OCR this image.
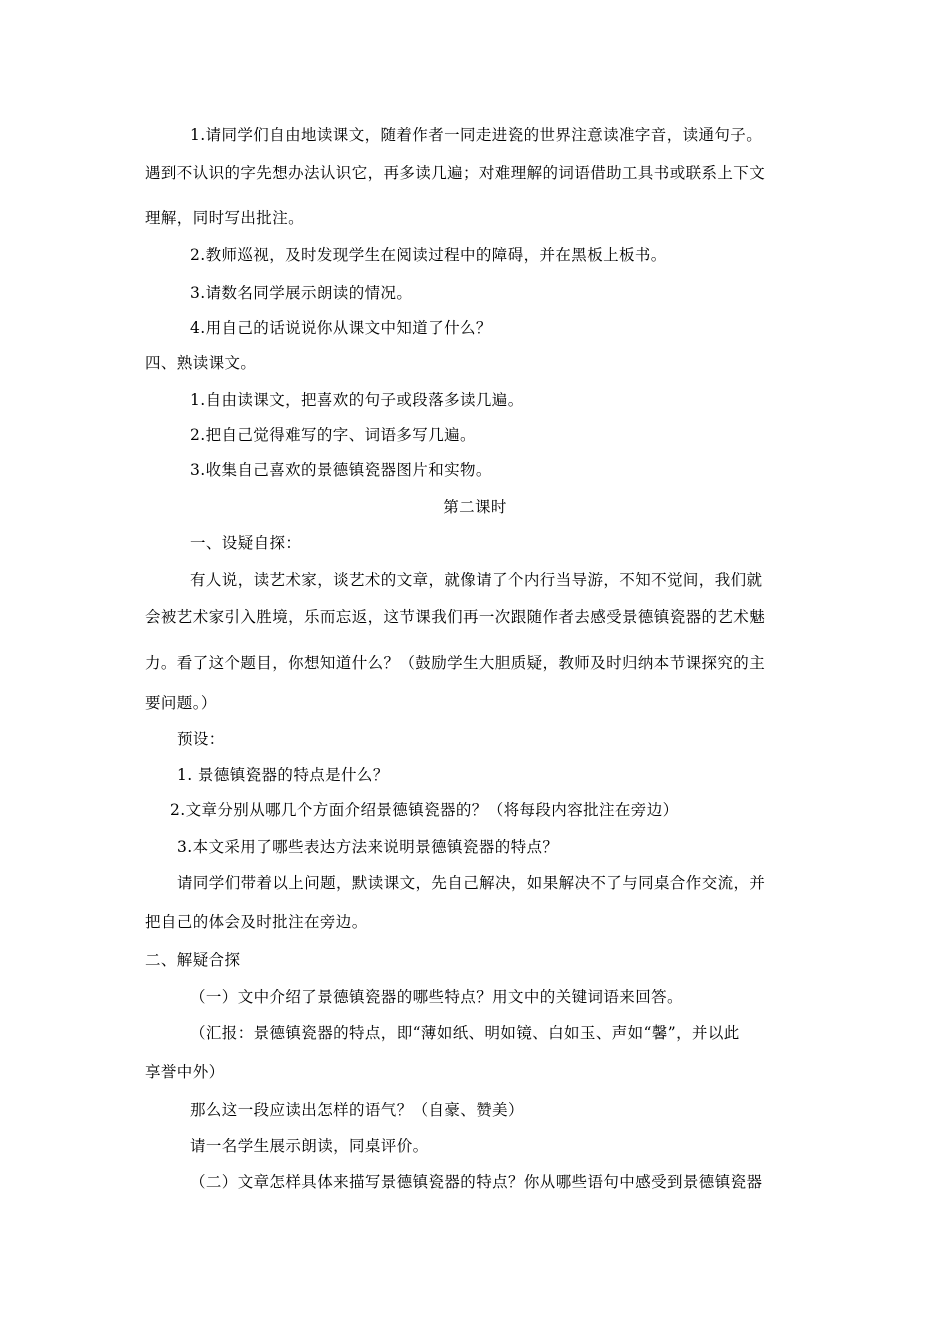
1.请同学们自由地读课文，随着作者一同走进瓷的世界注意读准字音，读通句子。
遇到不认识的字先想办法认识它，再多读几遍；对难理解的词语借助工具书或联系上下文
理解，同时写出批注。
2.教师巡视，及时发现学生在阅读过程中的障碍，并在黑板上板书。
3.请数名同学展示朗读的情况。
4.用自己的话说说你从课文中知道了什么？
四、熟读课文。
1.自由读课文，把喜欢的句子或段落多读几遍。
2.把自己觉得难写的字、词语多写几遍。
3.收集自己喜欢的景德镇瓷器图片和实物。
第二课时
一、设疑自探：
有人说，读艺术家，谈艺术的文章，就像请了个内行当导游，不知不觉间，我们就
会被艺术家引入胜境，乐而忘返，这节课我们再一次跟随作者去感受景德镇瓷器的艺术魅
力。看了这个题目，你想知道什么？（鼓励学生大胆质疑，教师及时归纳本节课探究的主
要问题。）
预设：
1. 景德镇瓷器的特点是什么？
2.文章分别从哪几个方面介绍景德镇瓷器的？（将每段内容批注在旁边）
3.本文采用了哪些表达方法来说明景德镇瓷器的特点？
请同学们带着以上问题，默读课文，先自己解决，如果解决不了与同桌合作交流，并
把自己的体会及时批注在旁边。
二、解疑合探
（一）文中介绍了景德镇瓷器的哪些特点？用文中的关键词语来回答。
（汇报：景德镇瓷器的特点，即“薄如纸、明如镜、白如玉、声如“馨”，并以此
享誉中外）
那么这一段应读出怎样的语气？（自豪、赞美）
请一名学生展示朗读，同桌评价。
（二）文章怎样具体来描写景德镇瓷器的特点？你从哪些语句中感受到景德镇瓷器
